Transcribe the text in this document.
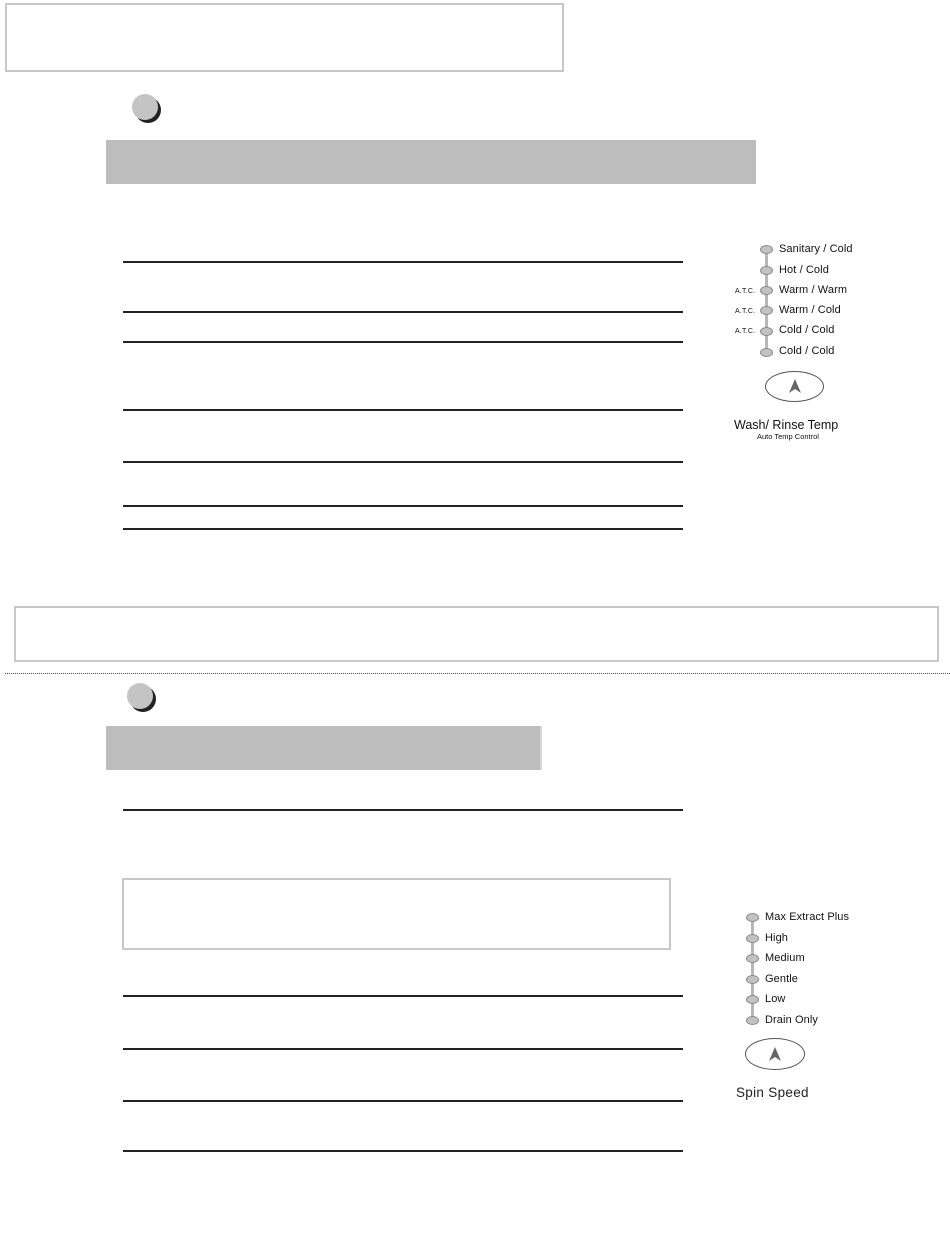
Sanitary / Cold
Hot / Cold
A.T.C. Warm / Warm
A.T.C. Warm / Cold
A.T.C. Cold / Cold
Cold / Cold
Wash/ Rinse Temp
Auto Temp Control
Max Extract Plus
High
Medium
Gentle
Low
Drain Only
Spin Speed
